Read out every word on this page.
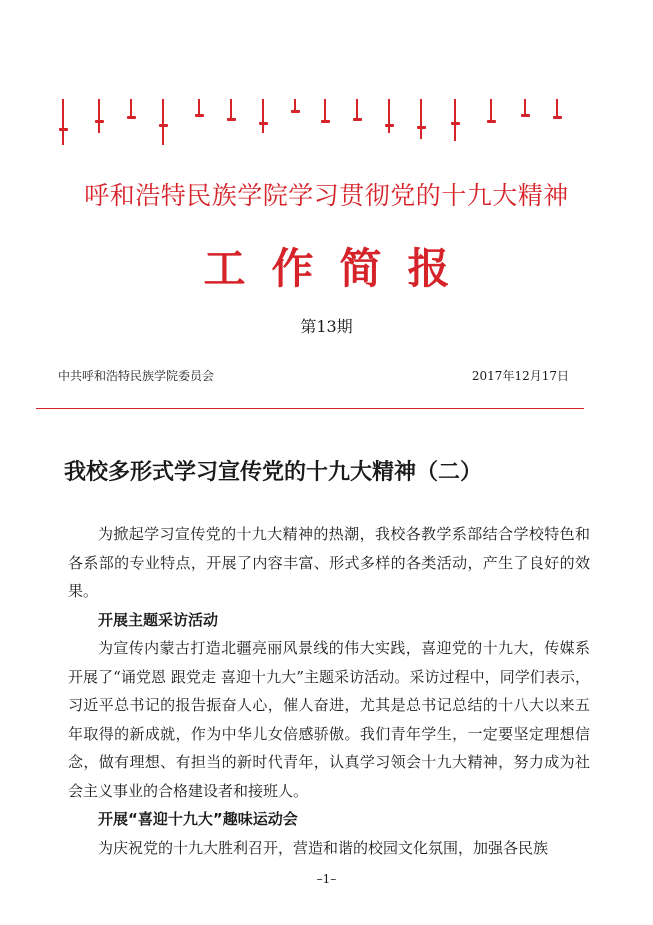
呼和浩特民族学院学习贯彻党的十九大精神
工作简报
第13期
中共呼和浩特民族学院委员会	2017年12月17日
我校多形式学习宣传党的十九大精神（二）

为掀起学习宣传党的十九大精神的热潮，我校各教学系部结合学校特色和各系部的专业特点，开展了内容丰富、形式多样的各类活动，产生了良好的效果。

开展主题采访活动

为宣传内蒙古打造北疆亮丽风景线的伟大实践，喜迎党的十九大，传媒系开展了“诵党恩 跟党走 喜迎十九大”主题采访活动。采访过程中，同学们表示，习近平总书记的报告振奋人心，催人奋进，尤其是总书记总结的十八大以来五年取得的新成就，作为中华儿女倍感骄傲。我们青年学生，一定要坚定理想信念，做有理想、有担当的新时代青年，认真学习领会十九大精神，努力成为社会主义事业的合格建设者和接班人。

开展“喜迎十九大”趣味运动会

为庆祝党的十九大胜利召开，营造和谐的校园文化氛围，加强各民族

–1–
